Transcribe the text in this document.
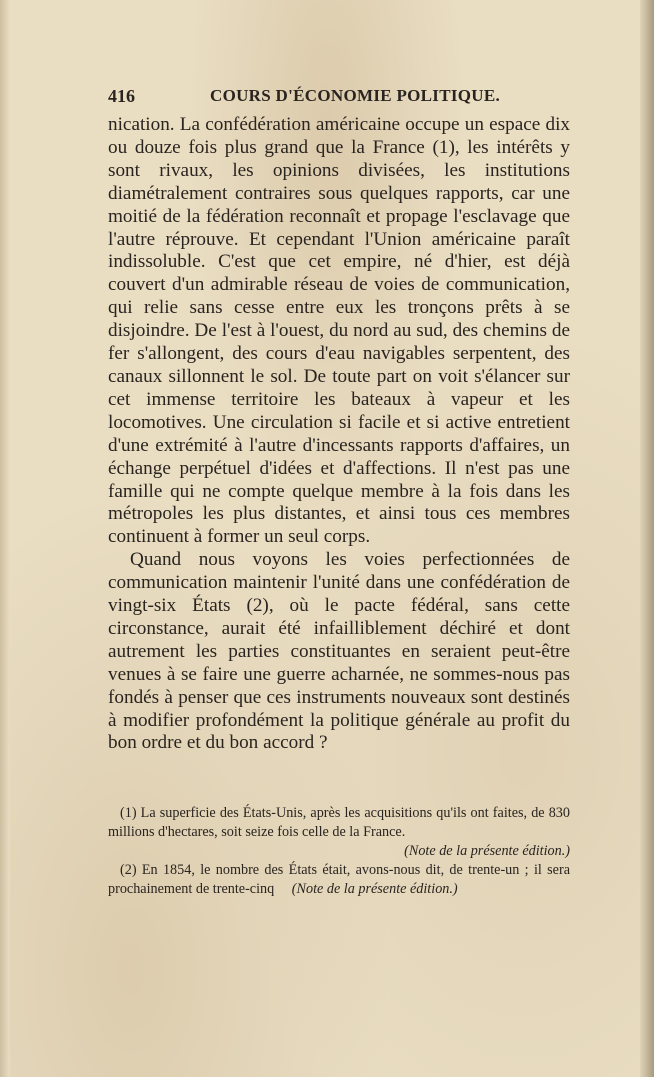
416	COURS D'ÉCONOMIE POLITIQUE.

nication. La confédération américaine occupe un espace dix ou douze fois plus grand que la France (1), les intérêts y sont rivaux, les opinions divisées, les institutions diamétralement contraires sous quelques rapports, car une moitié de la fédération reconnaît et propage l'esclavage que l'autre réprouve. Et cependant l'Union américaine paraît indissoluble. C'est que cet empire, né d'hier, est déjà couvert d'un admirable réseau de voies de communication, qui relie sans cesse entre eux les tronçons prêts à se disjoindre. De l'est à l'ouest, du nord au sud, des chemins de fer s'allongent, des cours d'eau navigables serpentent, des canaux sillonnent le sol. De toute part on voit s'élancer sur cet immense territoire les bateaux à vapeur et les locomotives. Une circulation si facile et si active entretient d'une extrémité à l'autre d'incessants rapports d'affaires, un échange perpétuel d'idées et d'affections. Il n'est pas une famille qui ne compte quelque membre à la fois dans les métropoles les plus distantes, et ainsi tous ces membres continuent à former un seul corps.

Quand nous voyons les voies perfectionnées de communication maintenir l'unité dans une confédération de vingt-six États (2), où le pacte fédéral, sans cette circonstance, aurait été infailliblement déchiré et dont autrement les parties constituantes en seraient peut-être venues à se faire une guerre acharnée, ne sommes-nous pas fondés à penser que ces instruments nouveaux sont destinés à modifier profondément la politique générale au profit du bon ordre et du bon accord ?

(1) La superficie des États-Unis, après les acquisitions qu'ils ont faites, de 830 millions d'hectares, soit seize fois celle de la France.

(Note de la présente édition.)

(2) En 1854, le nombre des États était, avons-nous dit, de trente-un ; il sera prochainement de trente-cinq (Note de la présente édition.)
